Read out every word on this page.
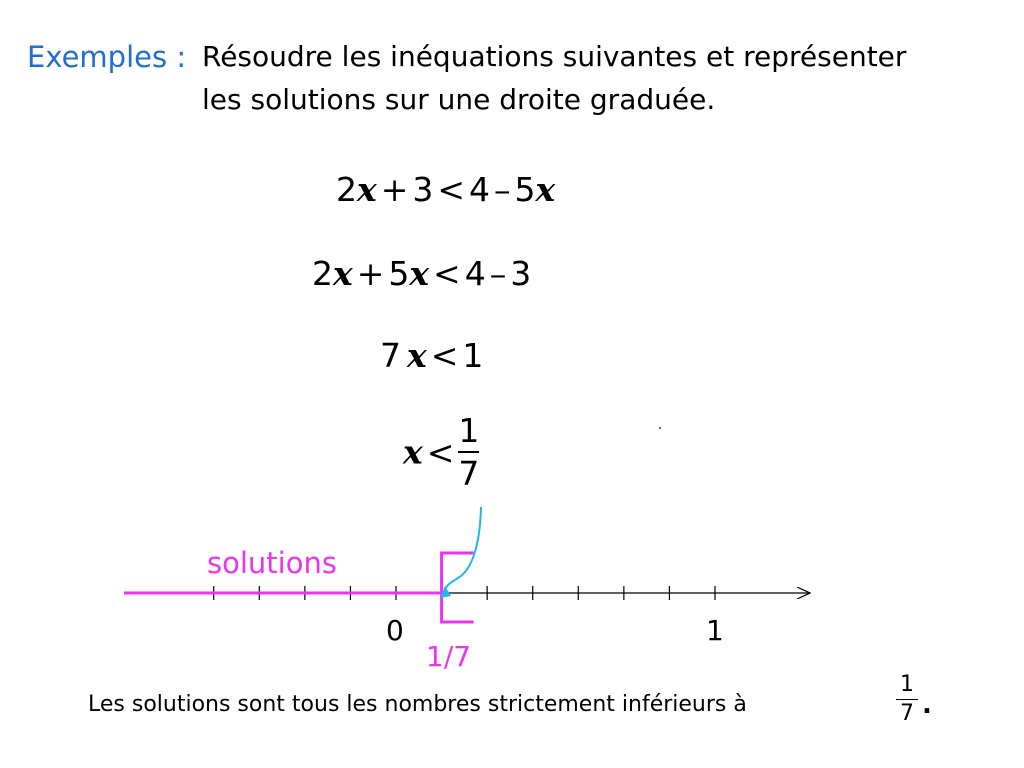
Exemples : Résoudre les inéquations suivantes et représenter
les solutions sur une droite graduée.
2x + 3 < 4 – 5x
2x + 5x < 4 – 3
7 x < 1
$x < \frac{1}{7}$
solutions
0	1
1/7
Les solutions sont tous les nombres strictement inférieurs à	$\frac{1}{7}$ .
